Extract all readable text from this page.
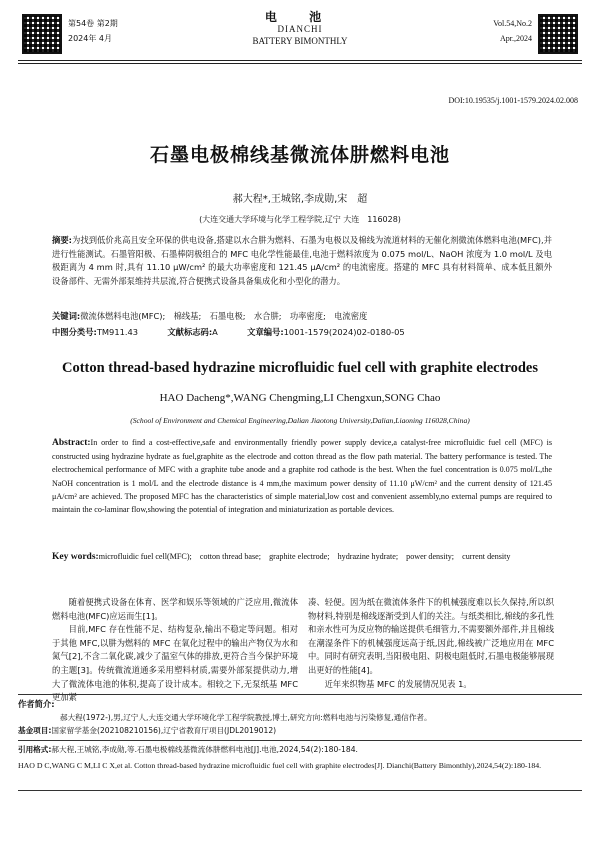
第54卷 第2期
2024年 4月
电 池
DIANCHI
BATTERY BIMONTHLY
Vol.54,No.2
Apr.,2024
DOI:10.19535/j.1001-1579.2024.02.008
石墨电极棉线基微流体肼燃料电池
郝大程*,王城铭,李成勋,宋　超
(大连交通大学环境与化学工程学院,辽宁 大连　116028)
摘要:为找到低价兆高且安全环保的供电设备,搭建以水合肼为燃料、石墨为电极以及棉线为流道材料的无催化剂微流体燃料电池(MFC),并进行性能测试。石墨管阳极、石墨棒阴极组合的 MFC 电化学性能最佳,电池于燃料浓度为 0.075 mol/L、NaOH 浓度为 1.0 mol/L 及电极距离为 4 mm 时,具有 11.10 μW/cm² 的最大功率密度和 121.45 μA/cm² 的电流密度。搭建的 MFC 具有材料简单、成本低且额外设备部件、无需外部泵维持共层流,符合便携式设备具备集成化和小型化的潜力。
关键词:微流体燃料电池(MFC);　棉线基;　石墨电极;　水合肼;　功率密度;　电流密度
中图分类号:TM911.43	文献标志码:A	文章编号:1001-1579(2024)02-0180-05
Cotton thread-based hydrazine microfluidic fuel cell with graphite electrodes
HAO Dacheng*,WANG Chengming,LI Chengxun,SONG Chao
(School of Environment and Chemical Engineering,Dalian Jiaotong University,Dalian,Liaoning 116028,China)
Abstract:In order to find a cost-effective,safe and environmentally friendly power supply device,a catalyst-free microfluidic fuel cell (MFC) is constructed using hydrazine hydrate as fuel,graphite as the electrode and cotton thread as the flow path material. The battery performance is tested. The electrochemical performance of MFC with a graphite tube anode and a graphite rod cathode is the best. When the fuel concentration is 0.075 mol/L,the NaOH concentration is 1 mol/L and the electrode distance is 4 mm,the maximum power density of 11.10 μW/cm² and the current density of 121.45 μA/cm² are achieved. The proposed MFC has the characteristics of simple material,low cost and convenient assembly,no external pumps are required to maintain the co-laminar flow,showing the potential of integration and miniaturization as portable devices.
Key words:microfluidic fuel cell(MFC);　cotton thread base;　graphite electrode;　hydrazine hydrate;　power density;　current density

随着便携式设备在体育、医学和娱乐等领域的广泛应用,微流体燃料电池(MFC)应运而生[1]。

目前,MFC 存在性能不足、结构复杂,输出不稳定等问题。相对于其他 MFC,以肼为燃料的 MFC 在氧化过程中的输出产物仅为水和氮气[2],不含二氧化碳,减少了温室气体的排放,更符合当今保护环境的主题[3]。传统微流道通多采用塑料材质,需要外部泵提供动力,增大了微流体电池的体积,提高了设计成本。相较之下,无泵纸基 MFC 更加紧

凑、轻便。因为纸在微流体条件下的机械强度难以长久保持,所以织物材料,特别是棉线逐渐受到人们的关注。与纸类相比,棉线的多孔性和亲水性可为反应物的输送提供毛细管力,不需要额外部件,并且棉线在潮湿条件下的机械强度远高于纸,因此,棉线被广泛地应用在 MFC 中。同时有研究表明,当阳极电阻、阴极电阻低时,石墨电极能够展现出更好的性能[4]。

近年来织物基 MFC 的发展情况见表 1。

作者简介:
郝大程(1972-),男,辽宁人,大连交通大学环境化学工程学院教授,博士,研究方向:燃料电池与污染修复,通信作者。
基金项目:国家留学基金(202108210156),辽宁省教育厅项目(JDL2019012)
引用格式:郝大程,王城铭,李成勋,等.石墨电极棉线基微流体肼燃料电池[J].电池,2024,54(2):180-184.
HAO D C,WANG C M,LI C X,et al. Cotton thread-based hydrazine microfluidic fuel cell with graphite electrodes[J]. Dianchi(Battery Bimonthly),2024,54(2):180-184.
